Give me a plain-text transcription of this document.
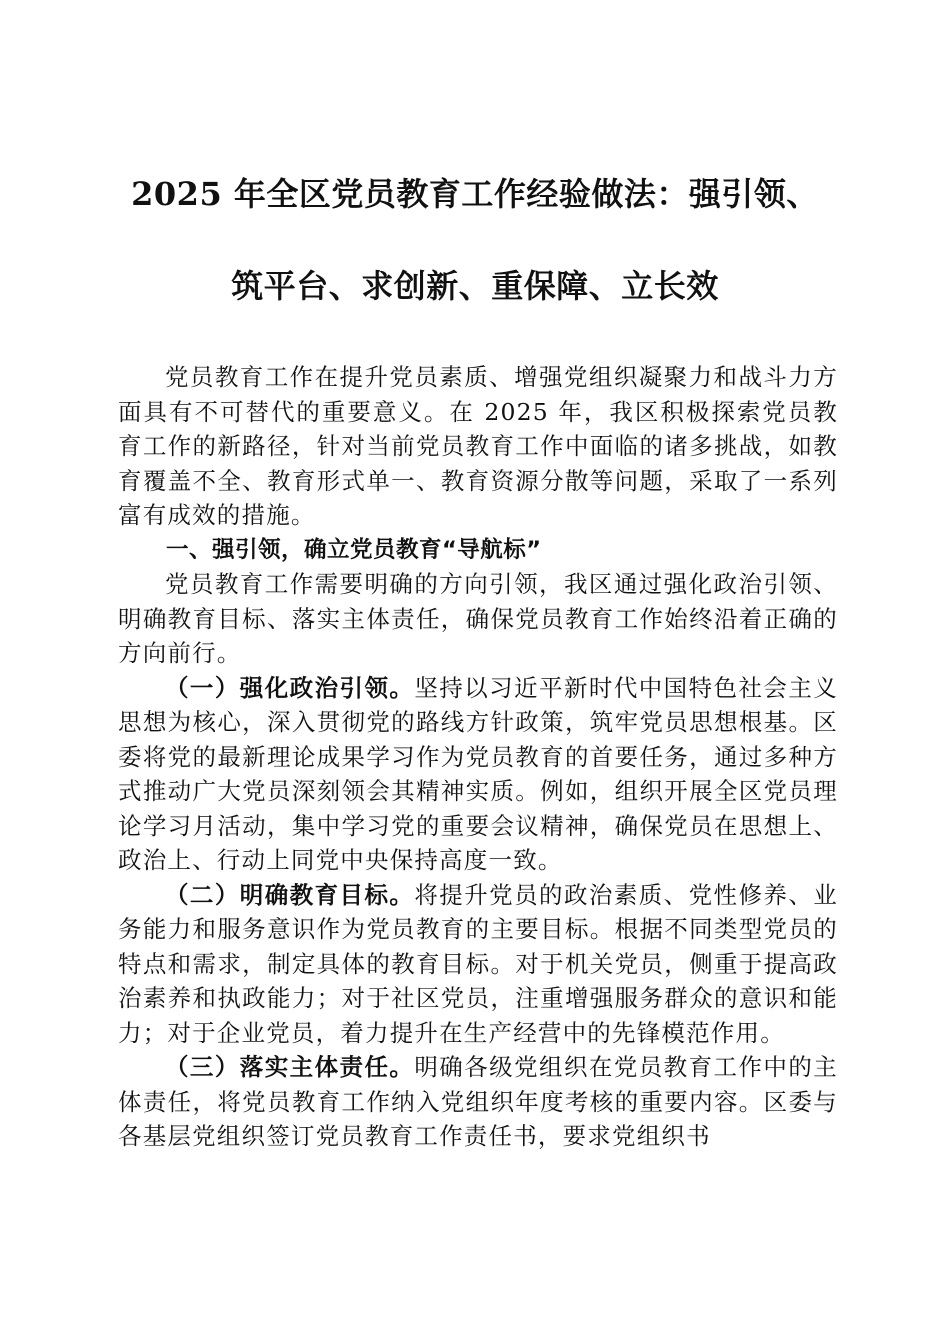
2025 年全区党员教育工作经验做法：强引领、
筑平台、求创新、重保障、立长效

党员教育工作在提升党员素质、增强党组织凝聚力和战斗力方面具有不可替代的重要意义。在 2025 年，我区积极探索党员教育工作的新路径，针对当前党员教育工作中面临的诸多挑战，如教育覆盖不全、教育形式单一、教育资源分散等问题，采取了一系列富有成效的措施。

一、强引领，确立党员教育“导航标”

党员教育工作需要明确的方向引领，我区通过强化政治引领、明确教育目标、落实主体责任，确保党员教育工作始终沿着正确的方向前行。

（一）强化政治引领。坚持以习近平新时代中国特色社会主义思想为核心，深入贯彻党的路线方针政策，筑牢党员思想根基。区委将党的最新理论成果学习作为党员教育的首要任务，通过多种方式推动广大党员深刻领会其精神实质。例如，组织开展全区党员理论学习月活动，集中学习党的重要会议精神，确保党员在思想上、政治上、行动上同党中央保持高度一致。

（二）明确教育目标。将提升党员的政治素质、党性修养、业务能力和服务意识作为党员教育的主要目标。根据不同类型党员的特点和需求，制定具体的教育目标。对于机关党员，侧重于提高政治素养和执政能力；对于社区党员，注重增强服务群众的意识和能力；对于企业党员，着力提升在生产经营中的先锋模范作用。

（三）落实主体责任。明确各级党组织在党员教育工作中的主体责任，将党员教育工作纳入党组织年度考核的重要内容。区委与各基层党组织签订党员教育工作责任书，要求党组织书
